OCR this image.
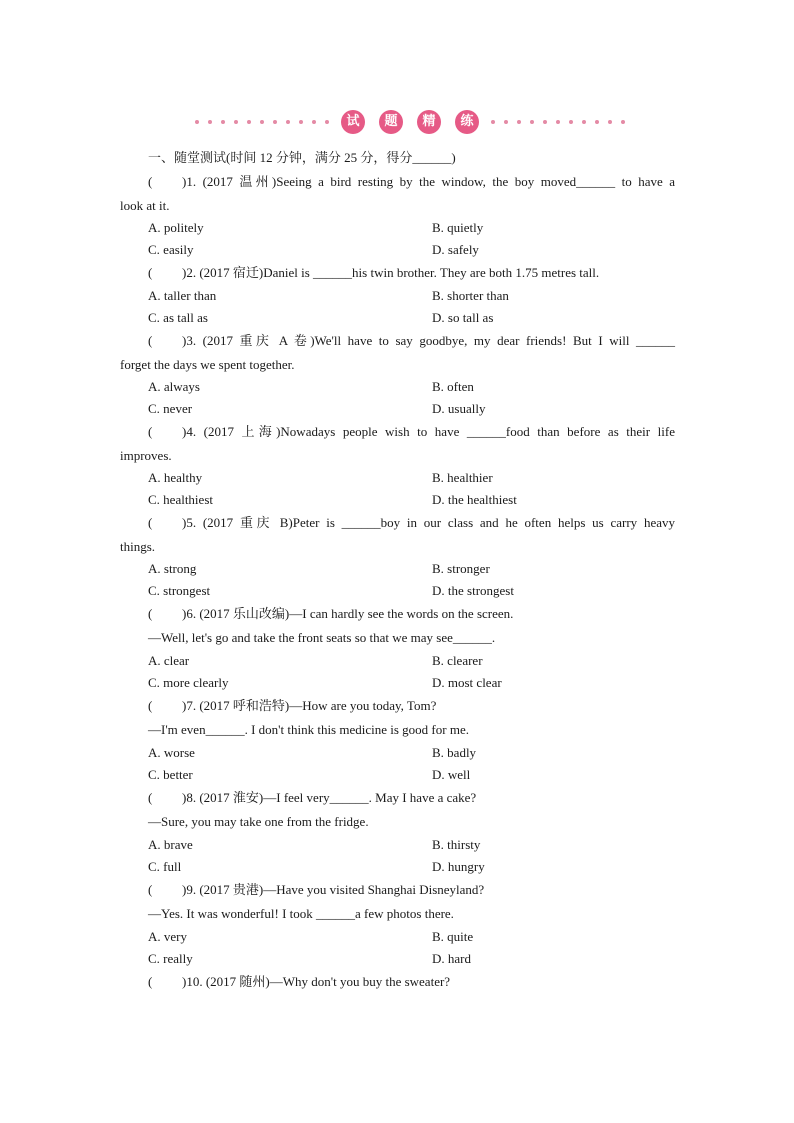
试	题	精	练
一、随堂测试(时间 12 分钟，满分 25 分，得分______)
( )1. (2017 温州)Seeing a bird resting by the window, the boy moved______ to have a
look at it.
A. politely	B. quietly
C. easily	D. safely
( )2. (2017 宿迁)Daniel is ______his twin brother. They are both 1.75 metres tall.
A. taller than	B. shorter than
C. as tall as	D. so tall as
( )3. (2017 重庆 A 卷)We'll have to say goodbye, my dear friends! But I will ______
forget the days we spent together.
A. always	B. often
C. never	D. usually
( )4. (2017 上海)Nowadays people wish to have ______food than before as their life
improves.
A. healthy	B. healthier
C. healthiest	D. the healthiest
( )5. (2017 重庆 B)Peter is ______boy in our class and he often helps us carry heavy
things.
A. strong	B. stronger
C. strongest	D. the strongest
( )6. (2017 乐山改编)—I can hardly see the words on the screen.
—Well, let's go and take the front seats so that we may see______.
A. clear	B. clearer
C. more clearly	D. most clear
( )7. (2017 呼和浩特)—How are you today, Tom?
—I'm even______. I don't think this medicine is good for me.
A. worse	B. badly
C. better	D. well
( )8. (2017 淮安)—I feel very______. May I have a cake?
—Sure, you may take one from the fridge.
A. brave	B. thirsty
C. full	D. hungry
( )9. (2017 贵港)—Have you visited Shanghai Disneyland?
—Yes. It was wonderful! I took ______a few photos there.
A. very	B. quite
C. really	D. hard
( )10. (2017 随州)—Why don't you buy the sweater?
